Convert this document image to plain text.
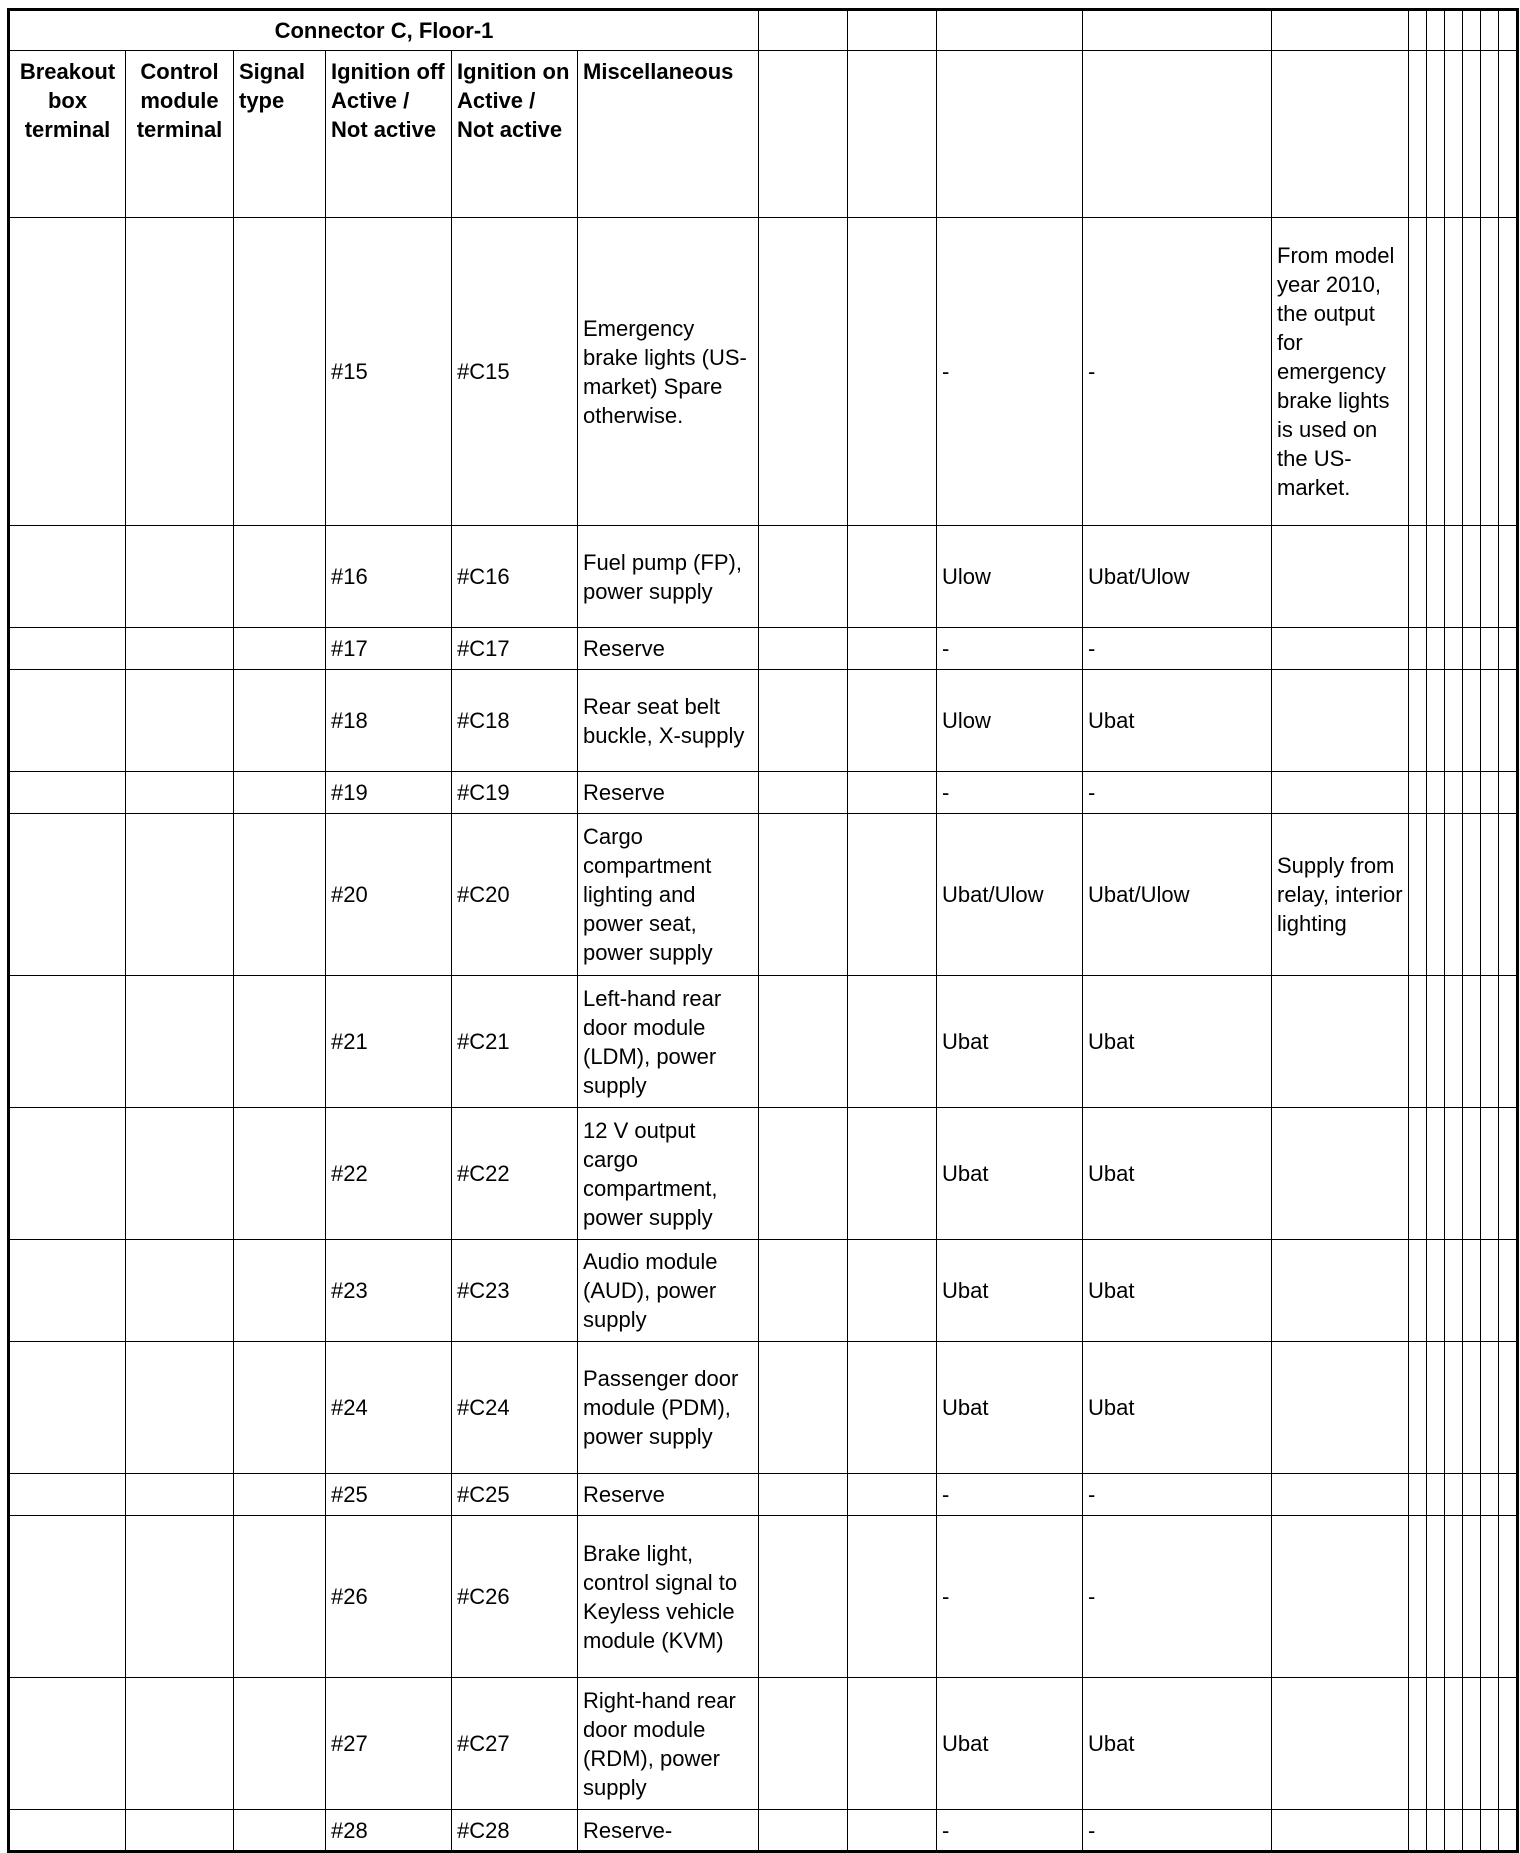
Connector C, Floor-1																
Breakout box terminal	Control module terminal	Signal type	Ignition off Active / Not active	Ignition on Active / Not active	Miscellaneous											
			#15	#C15	Emergency brake lights (US-market) Spare otherwise.			-	-	From model year 2010, the output for emergency brake lights is used on the US-market.						
			#16	#C16	Fuel pump (FP), power supply			Ulow	Ubat/Ulow							
			#17	#C17	Reserve			-	-							
			#18	#C18	Rear seat belt buckle, X-supply			Ulow	Ubat							
			#19	#C19	Reserve			-	-							
			#20	#C20	Cargo compartment lighting and power seat, power supply			Ubat/Ulow	Ubat/Ulow	Supply from relay, interior lighting						
			#21	#C21	Left-hand rear door module (LDM), power supply			Ubat	Ubat							
			#22	#C22	12 V output cargo compartment, power supply			Ubat	Ubat							
			#23	#C23	Audio module (AUD), power supply			Ubat	Ubat							
			#24	#C24	Passenger door module (PDM), power supply			Ubat	Ubat							
			#25	#C25	Reserve			-	-							
			#26	#C26	Brake light, control signal to Keyless vehicle module (KVM)			-	-							
			#27	#C27	Right-hand rear door module (RDM), power supply			Ubat	Ubat							
			#28	#C28	Reserve-			-	-							
